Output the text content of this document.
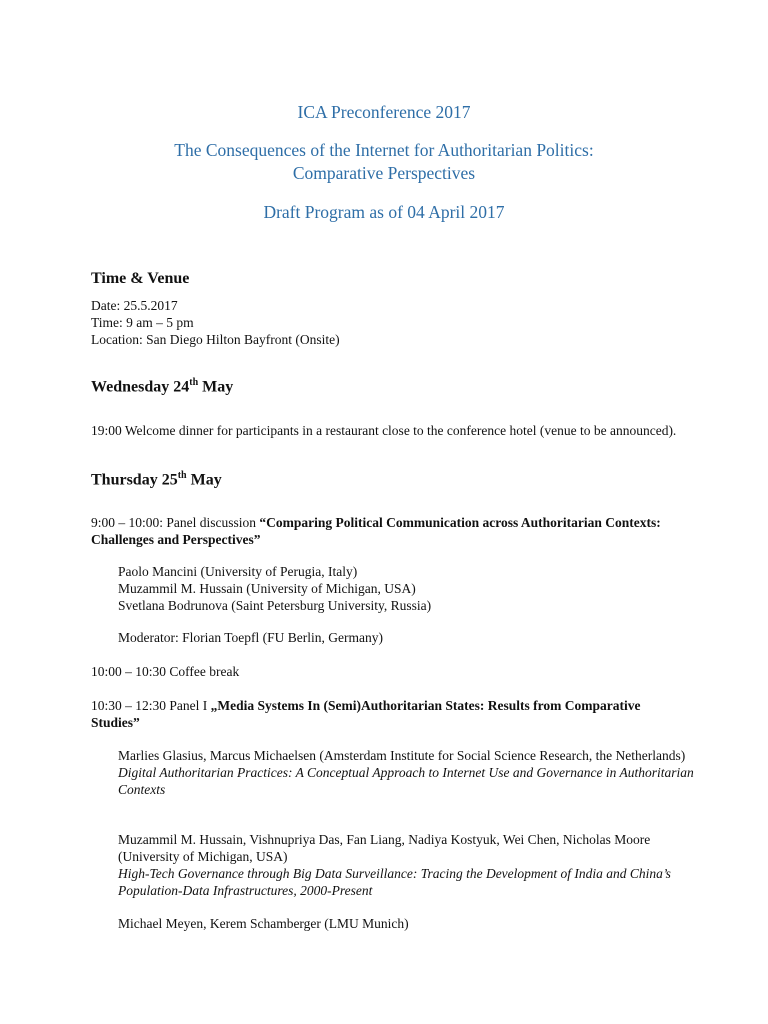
ICA Preconference 2017
The Consequences of the Internet for Authoritarian Politics:
Comparative Perspectives
Draft Program as of 04 April 2017
Time & Venue
Date: 25.5.2017
Time: 9 am – 5 pm
Location: San Diego Hilton Bayfront (Onsite)
Wednesday 24th May
19:00 Welcome dinner for participants in a restaurant close to the conference hotel (venue to be announced).
Thursday 25th May
9:00 – 10:00: Panel discussion “Comparing Political Communication across Authoritarian Contexts: Challenges and Perspectives”
Paolo Mancini (University of Perugia, Italy)
Muzammil M. Hussain (University of Michigan, USA)
Svetlana Bodrunova (Saint Petersburg University, Russia)
Moderator: Florian Toepfl (FU Berlin, Germany)
10:00 – 10:30 Coffee break
10:30 – 12:30 Panel I „Media Systems In (Semi)Authoritarian States: Results from Comparative Studies”
Marlies Glasius, Marcus Michaelsen (Amsterdam Institute for Social Science Research, the Netherlands)
Digital Authoritarian Practices: A Conceptual Approach to Internet Use and Governance in Authoritarian Contexts
Muzammil M. Hussain, Vishnupriya Das, Fan Liang, Nadiya Kostyuk, Wei Chen, Nicholas Moore (University of Michigan, USA)
High-Tech Governance through Big Data Surveillance: Tracing the Development of India and China’s Population-Data Infrastructures, 2000-Present
Michael Meyen, Kerem Schamberger (LMU Munich)
